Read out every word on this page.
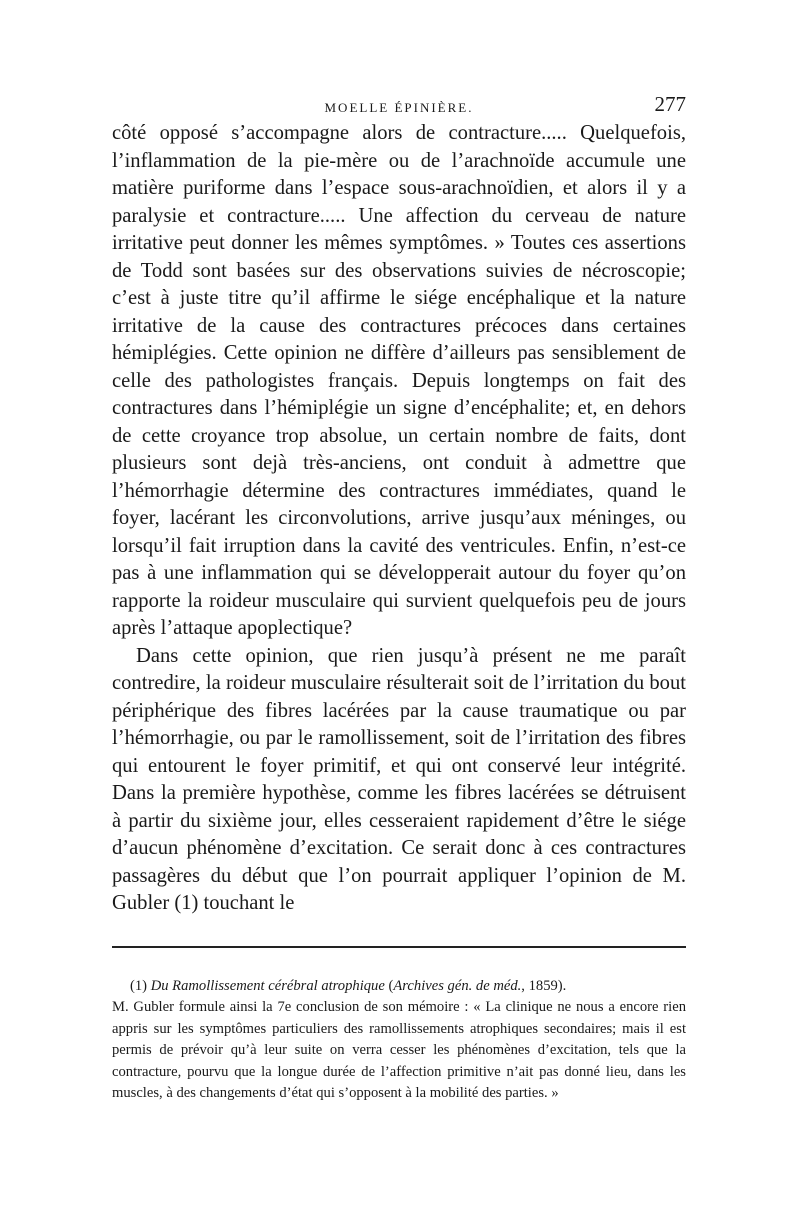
MOELLE ÉPINIÈRE.	277

côté opposé s’accompagne alors de contracture..... Quelquefois, l’inflammation de la pie-mère ou de l’arachnoïde accumule une matière puriforme dans l’espace sous-arachnoïdien, et alors il y a paralysie et contracture..... Une affection du cerveau de nature irritative peut donner les mêmes symptômes. » Toutes ces assertions de Todd sont basées sur des observations suivies de nécroscopie; c’est à juste titre qu’il affirme le siége encéphalique et la nature irritative de la cause des contractures précoces dans certaines hémiplégies. Cette opinion ne diffère d’ailleurs pas sensiblement de celle des pathologistes français. Depuis longtemps on fait des contractures dans l’hémiplégie un signe d’encéphalite; et, en dehors de cette croyance trop absolue, un certain nombre de faits, dont plusieurs sont dejà très-anciens, ont conduit à admettre que l’hémorrhagie détermine des contractures immédiates, quand le foyer, lacérant les circonvolutions, arrive jusqu’aux méninges, ou lorsqu’il fait irruption dans la cavité des ventricules. Enfin, n’est-ce pas à une inflammation qui se développerait autour du foyer qu’on rapporte la roideur musculaire qui survient quelquefois peu de jours après l’attaque apoplectique?

Dans cette opinion, que rien jusqu’à présent ne me paraît contredire, la roideur musculaire résulterait soit de l’irritation du bout périphérique des fibres lacérées par la cause traumatique ou par l’hémorrhagie, ou par le ramollissement, soit de l’irritation des fibres qui entourent le foyer primitif, et qui ont conservé leur intégrité. Dans la première hypothèse, comme les fibres lacérées se détruisent à partir du sixième jour, elles cesseraient rapidement d’être le siége d’aucun phénomène d’excitation. Ce serait donc à ces contractures passagères du début que l’on pourrait appliquer l’opinion de M. Gubler (1) touchant le

(1) Du Ramollissement cérébral atrophique (Archives gén. de méd., 1859).

M. Gubler formule ainsi la 7e conclusion de son mémoire : « La clinique ne nous a encore rien appris sur les symptômes particuliers des ramollissements atrophiques secondaires; mais il est permis de prévoir qu’à leur suite on verra cesser les phénomènes d’excitation, tels que la contracture, pourvu que la longue durée de l’affection primitive n’ait pas donné lieu, dans les muscles, à des changements d’état qui s’opposent à la mobilité des parties. »
